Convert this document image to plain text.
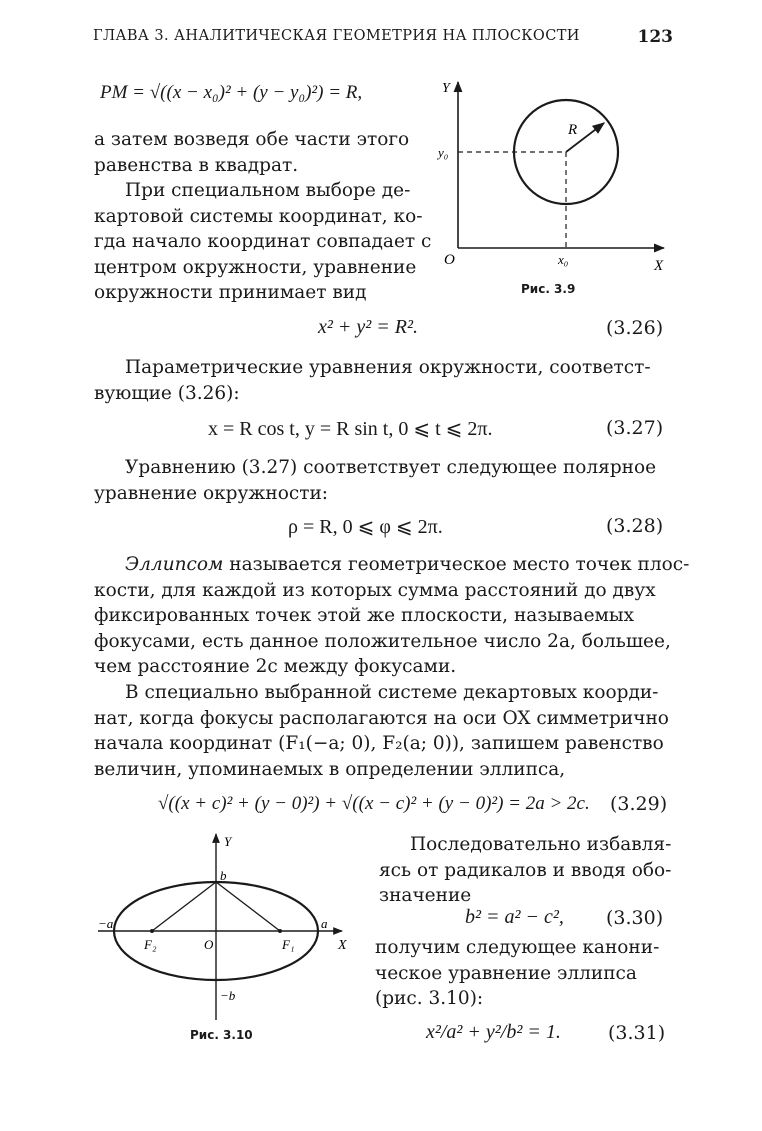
ГЛАВА 3. АНАЛИТИЧЕСКАЯ ГЕОМЕТРИЯ НА ПЛОСКОСТИ	123
PM = √((x − x₀)² + (y − y₀)²) = R,
а затем возведя обе части этого
равенства в квадрат.
При специальном выборе де-
картовой системы координат, ко-
гда начало координат совпадает с
центром окружности, уравнение
окружности принимает вид
Y
X
O
y₀
x₀
R
Рис. 3.9
x² + y² = R².	(3.26)
Параметрические уравнения окружности, соответст-
вующие (3.26):
x = R cos t, y = R sin t, 0 ⩽ t ⩽ 2π.	(3.27)
Уравнению (3.27) соответствует следующее полярное
уравнение окружности:
ρ = R, 0 ⩽ φ ⩽ 2π.	(3.28)
Эллипсом называется геометрическое место точек плос-
кости, для каждой из которых сумма расстояний до двух
фиксированных точек этой же плоскости, называемых
фокусами, есть данное положительное число 2a, большее,
чем расстояние 2c между фокусами.
В специально выбранной системе декартовых коорди-
нат, когда фокусы располагаются на оси OX симметрично
начала координат (F₁(−a; 0), F₂(a; 0)), запишем равенство
величин, упоминаемых в определении эллипса,
√((x + c)² + (y − 0)²) + √((x − c)² + (y − 0)²) = 2a > 2c. (3.29)
Последовательно избавля-
ясь от радикалов и вводя обо-
значение
b² = a² − c², (3.30)
получим следующее канони-
ческое уравнение эллипса
(рис. 3.10):
x²/a² + y²/b² = 1. (3.31)
Y
X
O
b
−b
a
−a
F₁
F₂
Рис. 3.10
